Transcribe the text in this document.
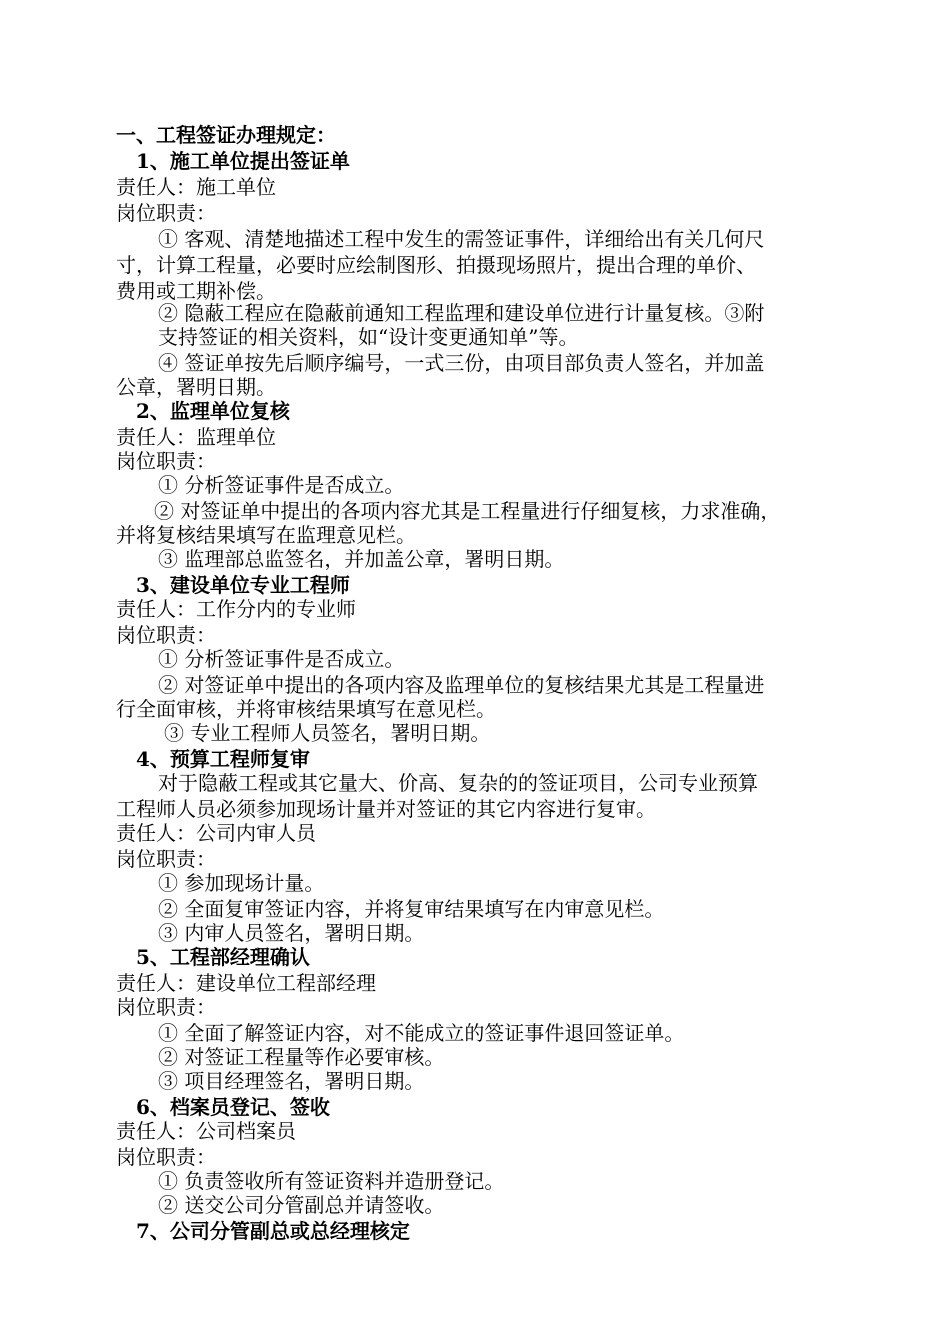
一、工程签证办理规定：
1、施工单位提出签证单
责任人：施工单位
岗位职责：
① 客观、清楚地描述工程中发生的需签证事件，详细给出有关几何尺
寸，计算工程量，必要时应绘制图形、拍摄现场照片，提出合理的单价、
费用或工期补偿。
② 隐蔽工程应在隐蔽前通知工程监理和建设单位进行计量复核。③附
支持签证的相关资料，如“设计变更通知单”等。
④ 签证单按先后顺序编号，一式三份，由项目部负责人签名，并加盖
公章，署明日期。
2、监理单位复核
责任人：监理单位
岗位职责：
① 分析签证事件是否成立。
② 对签证单中提出的各项内容尤其是工程量进行仔细复核，力求准确，
并将复核结果填写在监理意见栏。
③ 监理部总监签名，并加盖公章，署明日期。
3、建设单位专业工程师
责任人：工作分内的专业师
岗位职责：
① 分析签证事件是否成立。
② 对签证单中提出的各项内容及监理单位的复核结果尤其是工程量进
行全面审核，并将审核结果填写在意见栏。
③ 专业工程师人员签名，署明日期。
4、预算工程师复审
对于隐蔽工程或其它量大、价高、复杂的的签证项目，公司专业预算
工程师人员必须参加现场计量并对签证的其它内容进行复审。
责任人：公司内审人员
岗位职责：
① 参加现场计量。
② 全面复审签证内容，并将复审结果填写在内审意见栏。
③ 内审人员签名，署明日期。
5、工程部经理确认
责任人：建设单位工程部经理
岗位职责：
① 全面了解签证内容，对不能成立的签证事件退回签证单。
② 对签证工程量等作必要审核。
③ 项目经理签名，署明日期。
6、档案员登记、签收
责任人：公司档案员
岗位职责：
① 负责签收所有签证资料并造册登记。
② 送交公司分管副总并请签收。
7、公司分管副总或总经理核定
